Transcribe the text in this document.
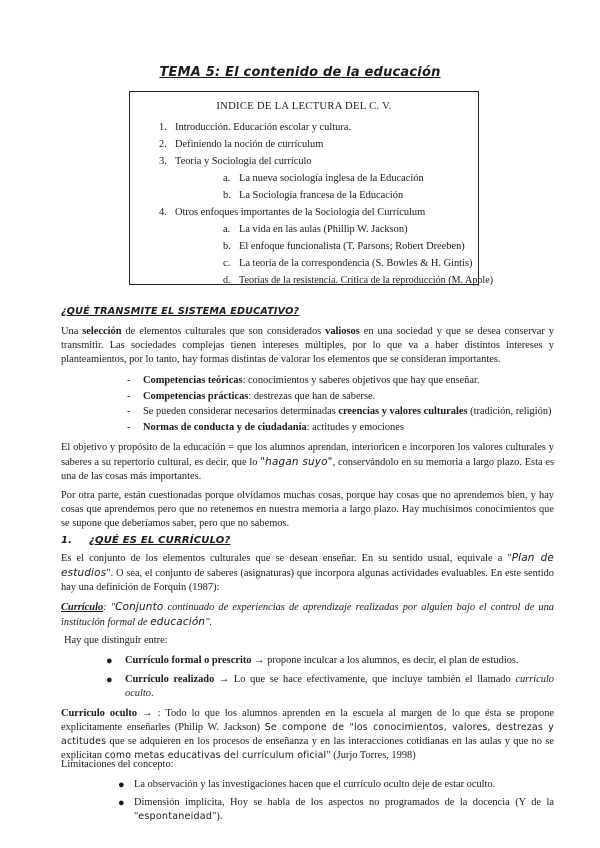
TEMA 5: El contenido de la educación
INDICE DE LA LECTURA DEL C. V.
1. Introducción. Educación escolar y cultura.
2. Definiendo la noción de currículum
3. Teoría y Sociología del currículo
a. La nueva sociología inglesa de la Educación
b. La Sociología francesa de la Educación
4. Otros enfoques importantes de la Sociología del Currículum
a. La vida en las aulas (Phillip W. Jackson)
b. El enfoque funcionalista (T. Parsons; Robert Dreeben)
c. La teoría de la correspondencia (S. Bowles & H. Gintis)
d. Teorías de la resistencia. Crítica de la reproducción (M. Apple)
¿QUÉ TRANSMITE EL SISTEMA EDUCATIVO?
Una selección de elementos culturales que son considerados valiosos en una sociedad y que se desea conservar y transmitir. Las sociedades complejas tienen intereses múltiples, por lo que va a haber distintos intereses y planteamientos, por lo tanto, hay formas distintas de valorar los elementos que se consideran importantes.
- Competencias teóricas: conocimientos y saberes objetivos que hay que enseñar.
- Competencias prácticas: destrezas que han de saberse.
- Se pueden considerar necesarios determinadas creencias y valores culturales (tradición, religión)
- Normas de conducta y de ciudadanía: actitudes y emociones
El objetivo y propósito de la educación = que los alumnos aprendan, interioricen e incorporen los valores culturales y saberes a su repertorio cultural, es decir, que lo "hagan suyo", conservándolo en su memoria a largo plazo. Esta es una de las cosas más importantes.
Por otra parte, están cuestionadas porque olvidamos muchas cosas, porque hay cosas que no aprendemos bien, y hay cosas que aprendemos pero que no retenemos en nuestra memoria a largo plazo. Hay muchísimos conocimientos que se supone que deberíamos saber, pero que no sabemos.
1. ¿QUÉ ES EL CURRÍCULO?
Es el conjunto de los elementos culturales que se desean enseñar. En su sentido usual, equivale a "Plan de estudios". O sea, el conjunto de saberes (asignaturas) que incorpora algunas actividades evaluables. En este sentido hay una definición de Forquin (1987):
Currículo: "Conjunto continuado de experiencias de aprendizaje realizadas por alguien bajo el control de una institución formal de educación".
Hay que distinguir entre:
● Currículo formal o prescrito → propone inculcar a los alumnos, es decir, el plan de estudios.
● Currículo realizado → Lo que se hace efectivamente, que incluye también el llamado currículo oculto.
Curriculo oculto → : Todo lo que los alumnos aprenden en la escuela al margen de lo que ésta se propone explícitamente enseñarles (Philip W. Jackson) Se compone de "los conocimientos, valores, destrezas y actitudes que se adquieren en los procesos de enseñanza y en las interacciones cotidianas en las aulas y que no se explicitan como metas educativas del currículum oficial" (Jurjo Torres, 1998)
Limitaciones del concepto:
● La observación y las investigaciones hacen que el currículo oculto deje de estar oculto.
● Dimensión implícita, Hoy se habla de los aspectos no programados de la docencia (Y de la "espontaneidad").
